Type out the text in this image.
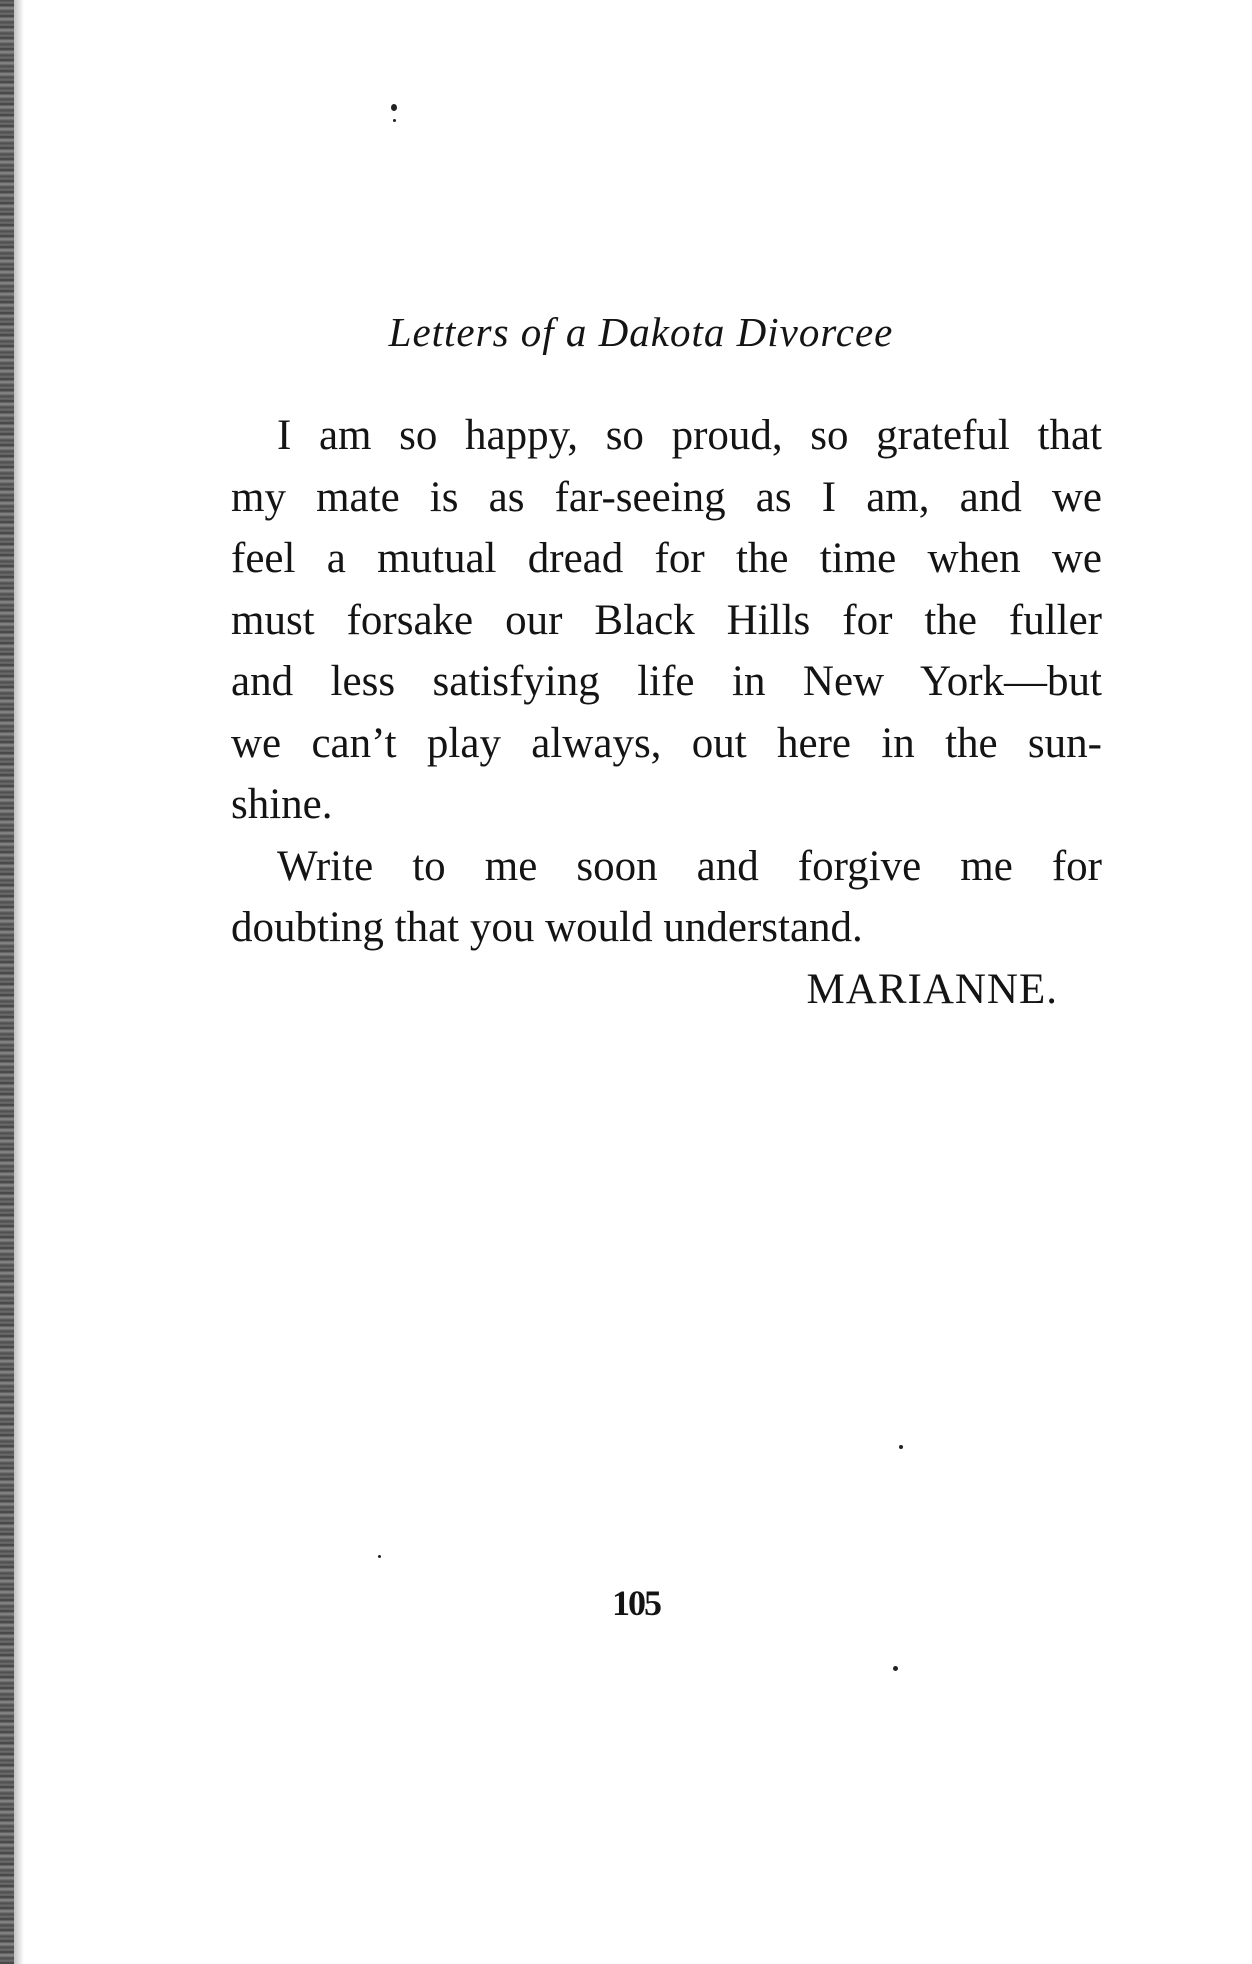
Letters of a Dakota Divorcee
I am so happy, so proud, so grateful that
my mate is as far-seeing as I am, and we
feel a mutual dread for the time when we
must forsake our Black Hills for the fuller
and less satisfying life in New York—but
we can’t play always, out here in the sun-
shine.
Write to me soon and forgive me for
doubting that you would understand.
MARIANNE.
105
